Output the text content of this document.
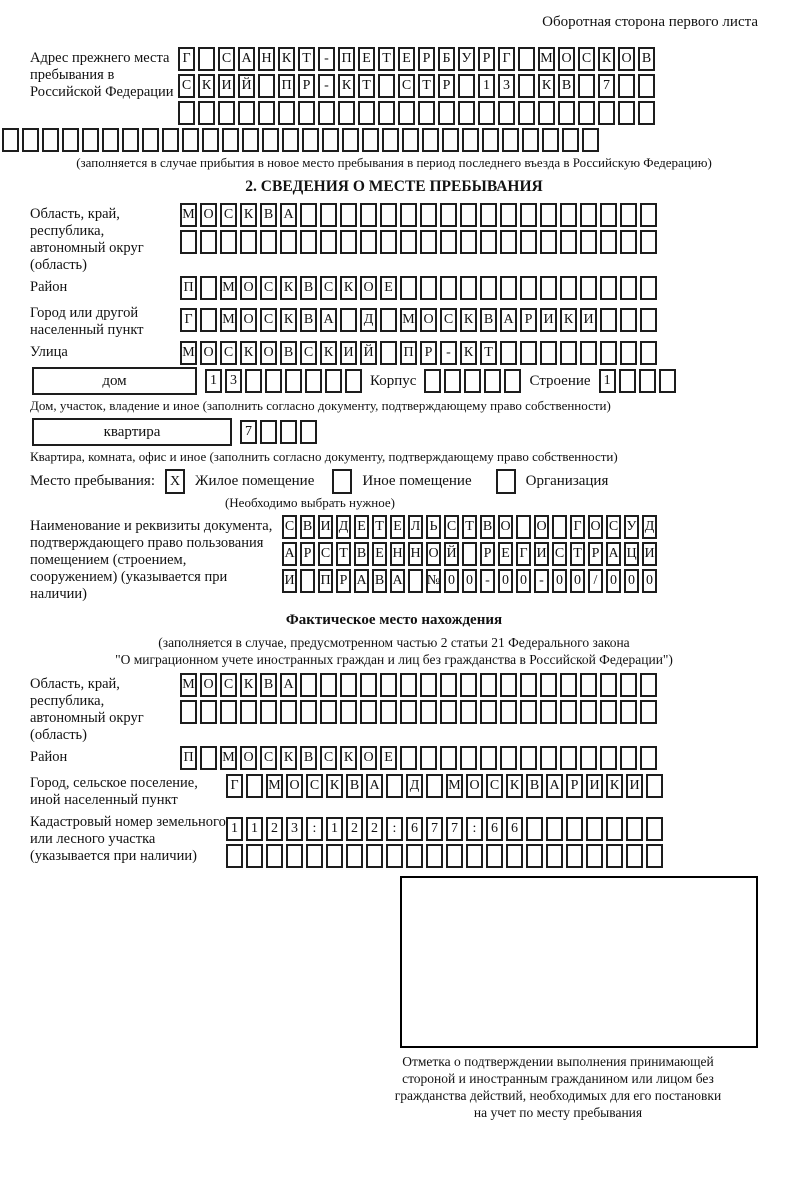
Оборотная сторона первого листа
Адрес прежнего места пребывания в Российской Федерации
Г	С А Н К Т - П Е Т Е Р Б У Р Г	М О С К О В
С К И Й П Р - К Т	С Т Р	1 3	К В	7
(заполняется в случае прибытия в новое место пребывания в период последнего въезда в Российскую Федерацию)
2. СВЕДЕНИЯ О МЕСТЕ ПРЕБЫВАНИЯ
Область, край, республика, автономный округ (область)
М О С К В А
Район	П М О С К В С К О Е
Город или другой населенный пункт
Г	М О С К В А Д М О С К В А Р И К И
Улица	М О С К О В С К И Й П Р - К Т
дом	1 3	Корпус	Строение 1
Дом, участок, владение и иное (заполнить согласно документу, подтверждающему право собственности)
квартира	7
Квартира, комната, офис и иное (заполнить согласно документу, подтверждающему право собственности)
Место пребывания:	X Жилое помещение	Иное помещение	Организация
(Необходимо выбрать нужное)
Наименование и реквизиты документа, подтверждающего право пользования помещением (строением, сооружением) (указывается при наличии)
С В И Д Е Т Е Л Ь С Т В О О Г О С У Д
А Р С Т В Е Н Н О Й Р Е Г И С Т Р А Ц И
И П Р А В А № 0 0 - 0 0 - 0 0 / 0 0 0
Фактическое место нахождения
(заполняется в случае, предусмотренном частью 2 статьи 21 Федерального закона
"О миграционном учете иностранных граждан и лиц без гражданства в Российской Федерации")
Область, край, республика, автономный округ (область)
М О С К В А
Район	П М О С К В С К О Е
Город, сельское поселение, иной населенный пункт
Г	М О С К В А Д М О С К В А Р И К И
Кадастровый номер земельного или лесного участка (указывается при наличии)
1 1 2 3	:	1 2 2	:	6 7 7	:	6 6
Отметка о подтверждении выполнения принимающей
стороной и иностранным гражданином или лицом без
гражданства действий, необходимых для его постановки
на учет по месту пребывания
